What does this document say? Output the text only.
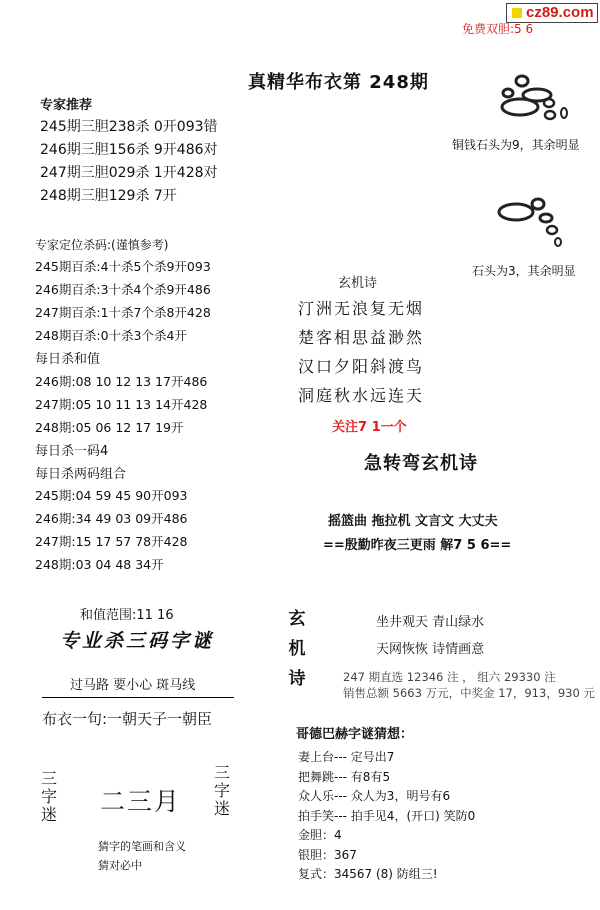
cz89.com
免费双胆:5 6
真精华布衣第 248期
专家推荐
245期三胆238杀 0开093错
246期三胆156杀 9开486对
247期三胆029杀 1开428对
248期三胆129杀 7开
专家定位杀码:(谨慎参考)
245期百杀:4十杀5个杀9开093
246期百杀:3十杀4个杀9开486
247期百杀:1十杀7个杀8开428
248期百杀:0十杀3个杀4开
每日杀和值
246期:08 10 12 13 17开486
247期:05 10 11 13 14开428
248期:05 06 12 17 19开
每日杀一码4
每日杀两码组合
245期:04 59 45 90开093
246期:34 49 03 09开486
247期:15 17 57 78开428
248期:03 04 48 34开
和值范围:11 16
专业杀三码字谜
过马路 要小心 斑马线
布衣一句:一朝天子一朝臣
三字迷 二三月
三字迷
猜字的笔画和含义
猜对必中
铜钱石头为9，其余明显
石头为3，其余明显
玄机诗
汀洲无浪复无烟
楚客相思益渺然
汉口夕阳斜渡鸟
洞庭秋水远连天
关注7 1一个
急转弯玄机诗
摇篮曲 拖拉机 文言文 大丈夫
==殷勤昨夜三更雨 解7 5 6==
玄机诗
坐井观天 青山绿水
天网恢恢 诗情画意
247 期直选 12346 注 ， 组六 29330 注
销售总额 5663 万元，中奖金 17，913，930 元
哥德巴赫字谜猜想：
妻上台--- 定号出7
把舞跳--- 有8有5
众人乐--- 众人为3，明号有6
拍手笑--- 拍手见4，(开口) 笑防0
金胆：4
银胆：367
复式：34567 (8) 防组三!
